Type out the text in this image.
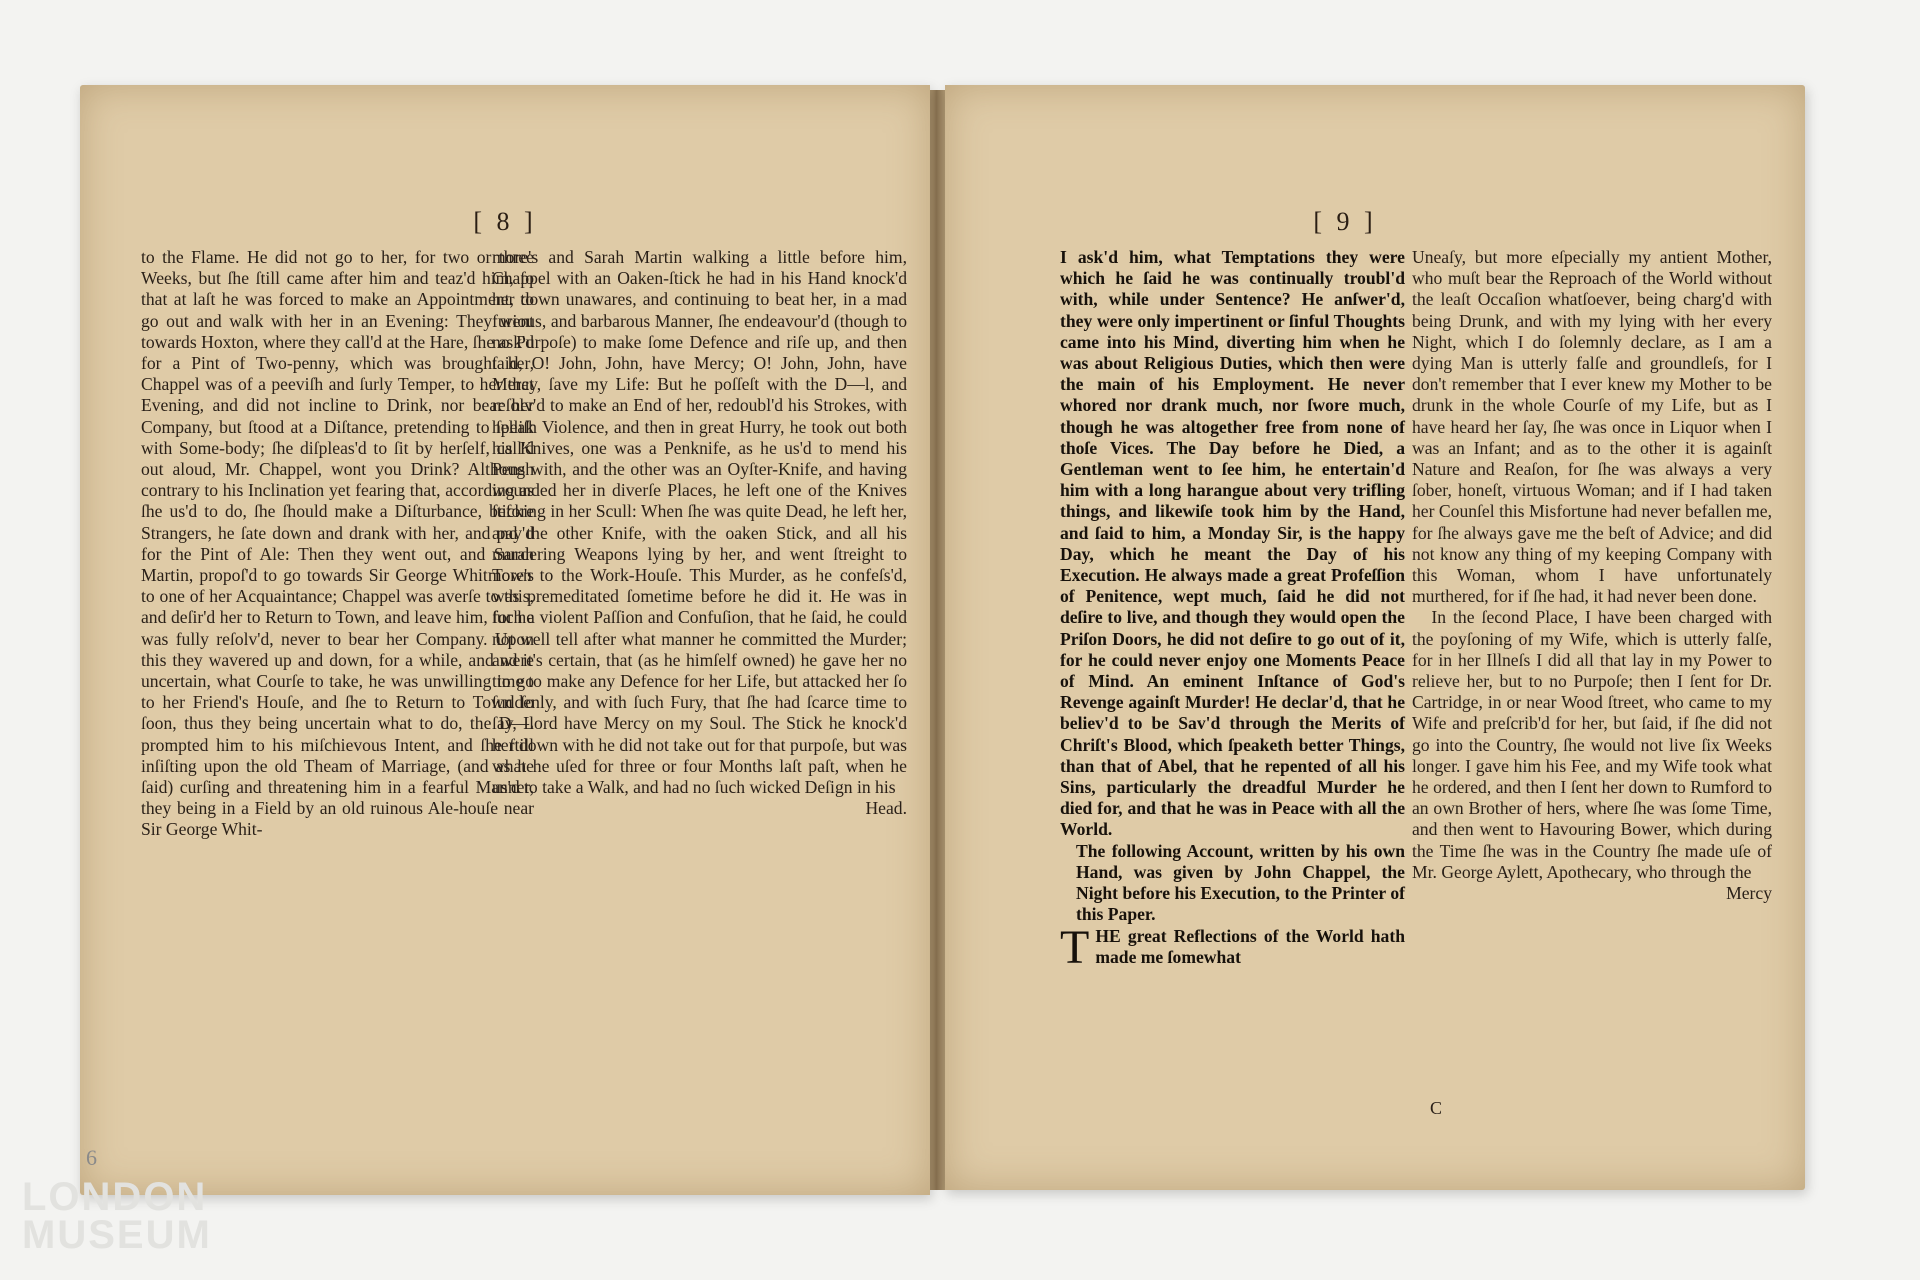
[ 8 ]

to the Flame. He did not go to her, for two or three Weeks, but ſhe ſtill came after him and teaz'd him, ſo that at laſt he was forced to make an Appointment, to go out and walk with her in an Evening: They went towards Hoxton, where they call'd at the Hare, ſhe ask'd for a Pint of Two-penny, which was brought her, Chappel was of a peeviſh and ſurly Temper, to her that Evening, and did not incline to Drink, nor bear her Company, but ſtood at a Diſtance, pretending to ſpeak with Some-body; ſhe diſpleas'd to ſit by herſelf, call'd out aloud, Mr. Chappel, wont you Drink? Although contrary to his Inclination yet fearing that, according as ſhe us'd to do, ſhe ſhould make a Diſturbance, before Strangers, he ſate down and drank with her, and pay'd for the Pint of Ale: Then they went out, and Sarah Martin, propoſ'd to go towards Sir George Whitmore's to one of her Acquaintance; Chappel was averſe to this, and deſir'd her to Return to Town, and leave him, for he was fully reſolv'd, never to bear her Company. Upon this they wavered up and down, for a while, and were uncertain, what Courſe to take, he was unwilling to go to her Friend's Houſe, and ſhe to Return to Town ſo ſoon, thus they being uncertain what to do, the D—l prompted him to his miſchievous Intent, and ſhe ſtill inſiſting upon the old Theam of Marriage, (and as he ſaid) curſing and threatening him in a fearful Manner, they being in a Field by an old ruinous Ale-houſe near Sir George Whit-

more's and Sarah Martin walking a little before him, Chappel with an Oaken-ſtick he had in his Hand knock'd her down unawares, and continuing to beat her, in a mad furious, and barbarous Manner, ſhe endeavour'd (though to no Purpoſe) to make ſome Defence and riſe up, and then ſaid, O! John, John, have Mercy; O! John, John, have Mercy, ſave my Life: But he poſſeſt with the D—l, and reſolv'd to make an End of her, redoubl'd his Strokes, with helliſh Violence, and then in great Hurry, he took out both his Knives, one was a Penknife, as he us'd to mend his Pens with, and the other was an Oyſter-Knife, and having wounded her in diverſe Places, he left one of the Knives ſticking in her Scull: When ſhe was quite Dead, he left her, and the other Knife, with the oaken Stick, and all his murdering Weapons lying by her, and went ſtreight to Town to the Work-Houſe. This Murder, as he confeſs'd, was premeditated ſometime before he did it. He was in ſuch a violent Paſſion and Confuſion, that he ſaid, he could not well tell after what manner he committed the Murder; and it's certain, that (as he himſelf owned) he gave her no time to make any Defence for her Life, but attacked her ſo ſuddenly, and with ſuch Fury, that ſhe had ſcarce time to ſay, Lord have Mercy on my Soul. The Stick he knock'd her down with he did not take out for that purpoſe, but was what he uſed for three or four Months laſt paſt, when he us'd to take a Walk, and had no ſuch wicked Deſign in his

Head.

6
[ 9 ]

I ask'd him, what Temptations they were which he ſaid he was continually troubl'd with, while under Sentence? He anſwer'd, they were only impertinent or ſinful Thoughts came into his Mind, diverting him when he was about Religious Duties, which then were the main of his Employment. He never whored nor drank much, nor ſwore much, though he was altogether free from none of thoſe Vices. The Day before he Died, a Gentleman went to ſee him, he entertain'd him with a long harangue about very trifling things, and likewiſe took him by the Hand, and ſaid to him, a Monday Sir, is the happy Day, which he meant the Day of his Execution. He always made a great Profeſſion of Penitence, wept much, ſaid he did not deſire to live, and though they would open the Priſon Doors, he did not deſire to go out of it, for he could never enjoy one Moments Peace of Mind. An eminent Inſtance of God's Revenge againſt Murder! He declar'd, that he believ'd to be Sav'd through the Merits of Chriſt's Blood, which ſpeaketh better Things, than that of Abel, that he repented of all his Sins, particularly the dreadful Murder he died for, and that he was in Peace with all the World.

The following Account, written by his own Hand, was given by John Chappel, the Night before his Execution, to the Printer of this Paper.

THE great Reflections of the World hath made me ſomewhat

Uneaſy, but more eſpecially my antient Mother, who muſt bear the Reproach of the World without the leaſt Occaſion whatſoever, being charg'd with being Drunk, and with my lying with her every Night, which I do ſolemnly declare, as I am a dying Man is utterly falſe and groundleſs, for I don't remember that I ever knew my Mother to be drunk in the whole Courſe of my Life, but as I have heard her ſay, ſhe was once in Liquor when I was an Infant; and as to the other it is againſt Nature and Reaſon, for ſhe was always a very ſober, honeſt, virtuous Woman; and if I had taken her Counſel this Misfortune had never befallen me, for ſhe always gave me the beſt of Advice; and did not know any thing of my keeping Company with this Woman, whom I have unfortunately murthered, for if ſhe had, it had never been done.

In the ſecond Place, I have been charged with the poyſoning of my Wife, which is utterly falſe, for in her Illneſs I did all that lay in my Power to relieve her, but to no Purpoſe; then I ſent for Dr. Cartridge, in or near Wood ſtreet, who came to my Wife and preſcrib'd for her, but ſaid, if ſhe did not go into the Country, ſhe would not live ſix Weeks longer. I gave him his Fee, and my Wife took what he ordered, and then I ſent her down to Rumford to an own Brother of hers, where ſhe was ſome Time, and then went to Havouring Bower, which during the Time ſhe was in the Country ſhe made uſe of Mr. George Aylett, Apothecary, who through the

Mercy

C
LONDON
MUSEUM
